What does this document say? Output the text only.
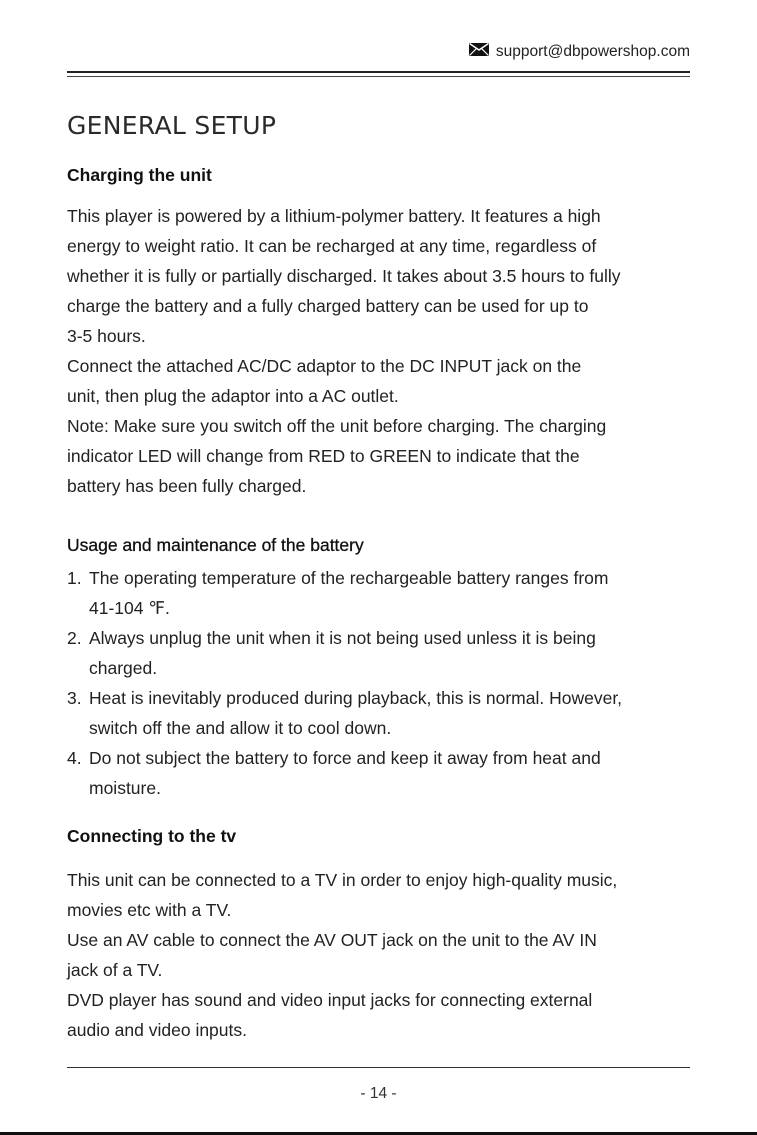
support@dbpowershop.com
GENERAL SETUP
Charging the unit

This player is powered by a lithium-polymer battery. It features a high

energy to weight ratio. It can be recharged at any time, regardless of

whether it is fully or partially discharged. It takes about 3.5 hours to fully

charge the battery and a fully charged battery can be used for up to

3-5 hours.

Connect the attached AC/DC adaptor to the DC INPUT jack on the

unit, then plug the adaptor into a AC outlet.

Note: Make sure you switch off the unit before charging. The charging

indicator LED will change from RED to GREEN to indicate that the

battery has been fully charged.

Usage and maintenance of the battery
1. The operating temperature of the rechargeable battery ranges from
41-104 ℉.
2. Always unplug the unit when it is not being used unless it is being
charged.
3. Heat is inevitably produced during playback, this is normal. However,
switch off the and allow it to cool down.
4. Do not subject the battery to force and keep it away from heat and
moisture.
Connecting to the tv

This unit can be connected to a TV in order to enjoy high-quality music,

movies etc with a TV.

Use an AV cable to connect the AV OUT jack on the unit to the AV IN

jack of a TV.

DVD player has sound and video input jacks for connecting external

audio and video inputs.

- 14 -
